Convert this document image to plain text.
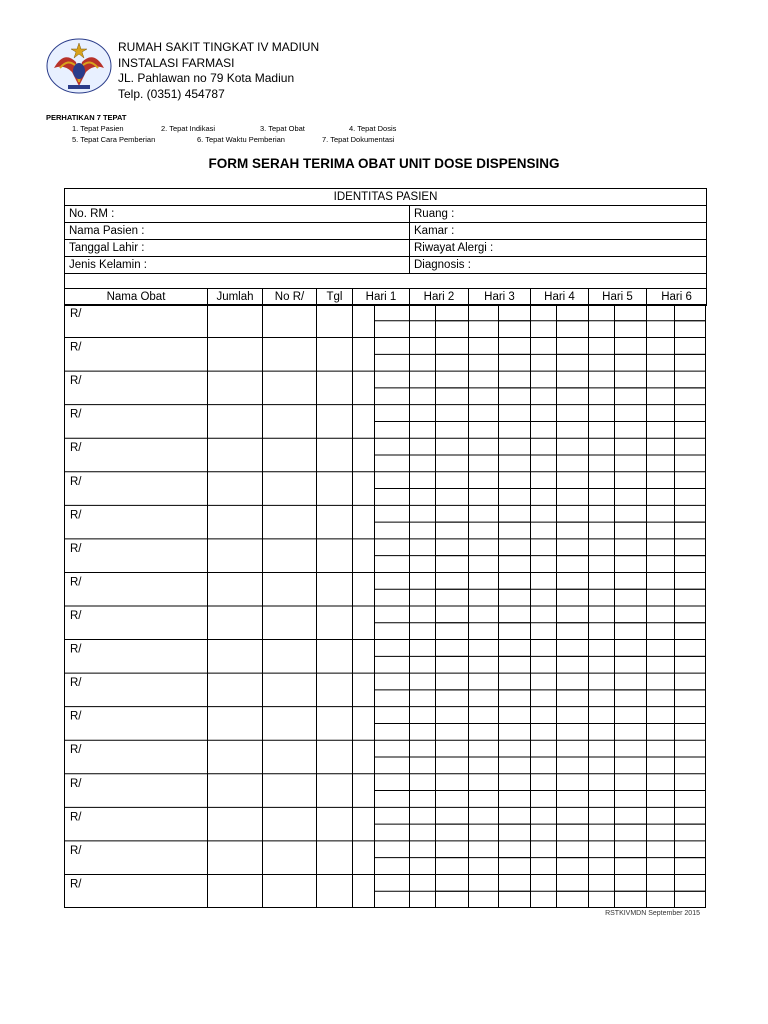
RUMAH SAKIT TINGKAT IV MADIUN
INSTALASI FARMASI
JL. Pahlawan no 79 Kota Madiun
Telp. (0351) 454787
PERHATIKAN 7 TEPAT
1. Tepat Pasien	2. Tepat Indikasi	3. Tepat Obat	4. Tepat Dosis
5. Tepat Cara Pemberian	6. Tepat Waktu Pemberian	7. Tepat Dokumentasi
FORM SERAH TERIMA OBAT UNIT DOSE DISPENSING
IDENTITAS PASIEN									
No. RM :					Ruang :				
Nama Pasien :					Kamar :				
Tanggal Lahir :					Riwayat Alergi :				
Jenis Kelamin :					Diagnosis :				

Nama Obat	Jumlah	No R/	Tgl	Hari 1	Hari 2	Hari 3	Hari 4	Hari 5	Hari 6
R/
R/
R/
R/
R/
R/
R/
R/
R/
R/
R/
R/
R/
R/
R/
R/
R/
R/
RSTKIVMDN September 2015
